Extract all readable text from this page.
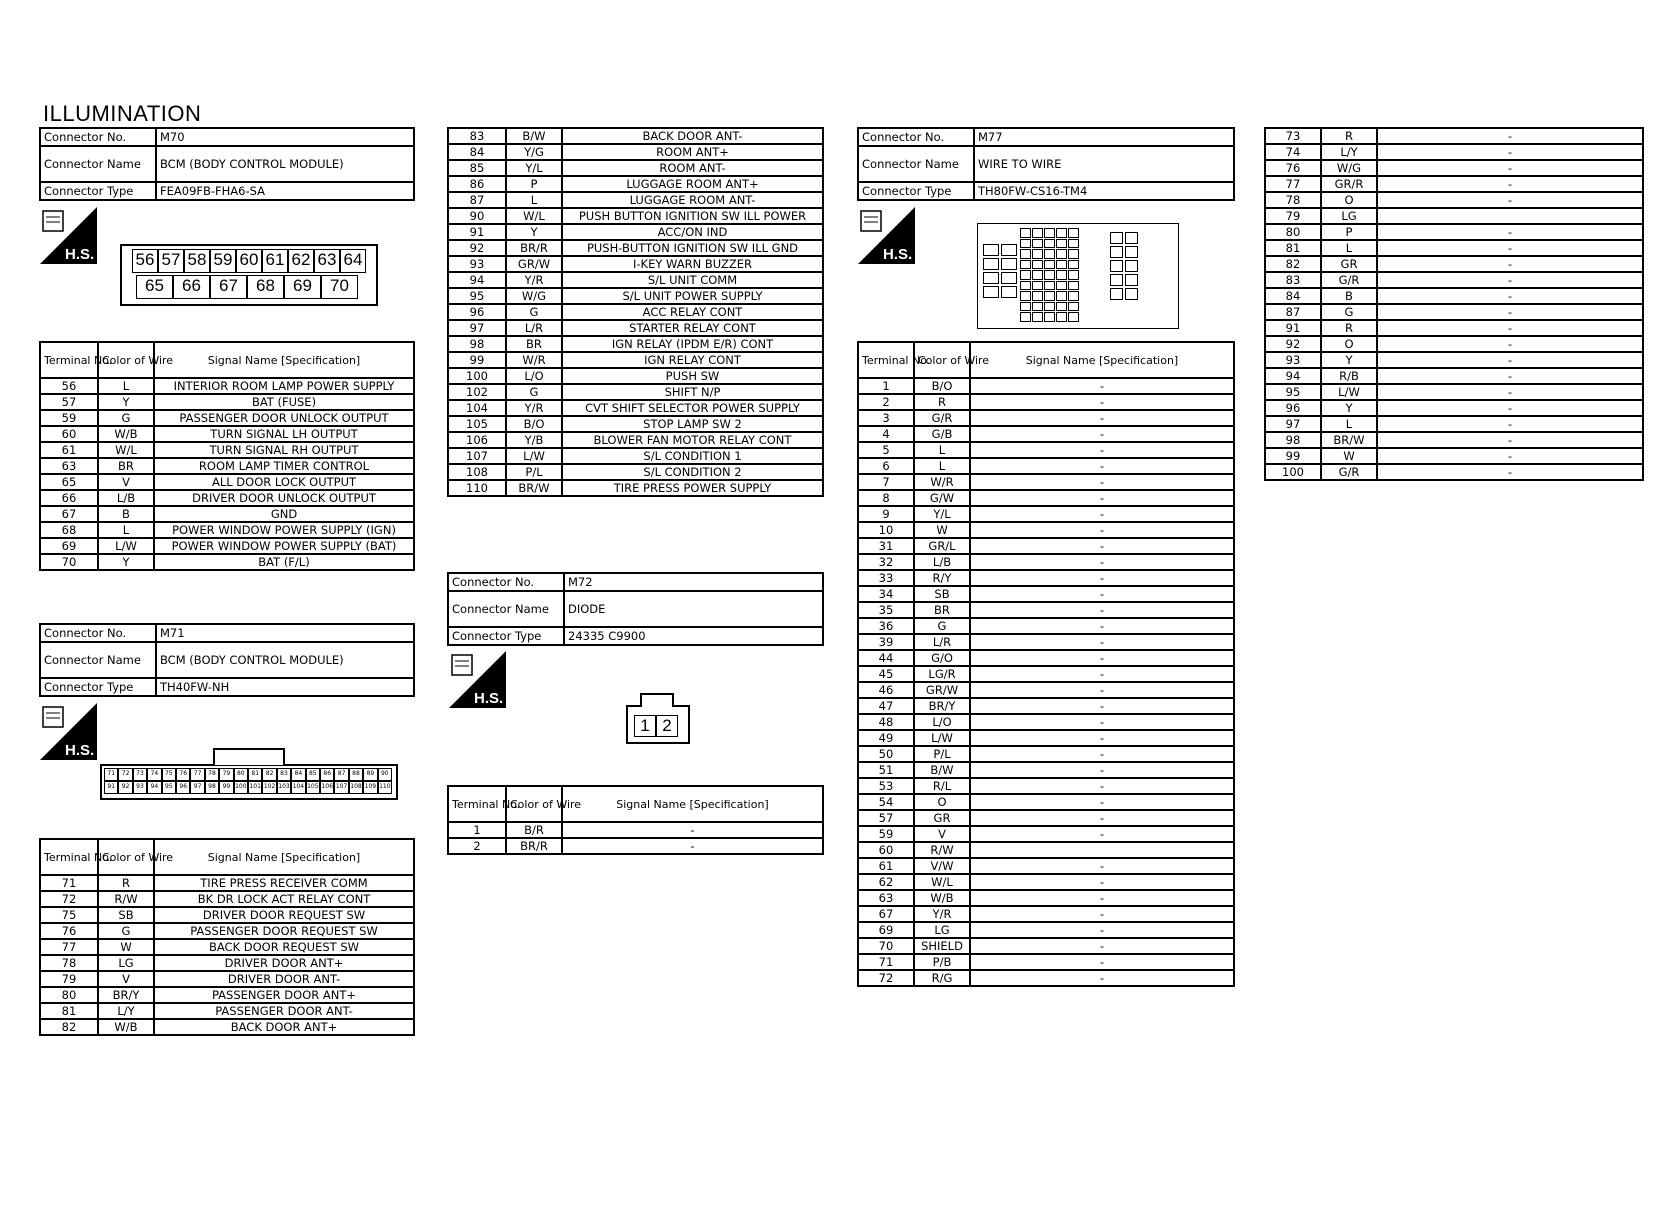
ILLUMINATION
Connector No.	M70
Connector Name	BCM (BODY CONTROL MODULE)
Connector Type	FEA09FB-FHA6-SA
H.S. 56 57 58 59 60 61 62 63 64
65	66	67	68	69	70
Terminal No.	Color of Wire	Signal Name [Specification]
56	L	INTERIOR ROOM LAMP POWER SUPPLY
57	Y	BAT (FUSE)
59	G	PASSENGER DOOR UNLOCK OUTPUT
60	W/B	TURN SIGNAL LH OUTPUT
61	W/L	TURN SIGNAL RH OUTPUT
63	BR	ROOM LAMP TIMER CONTROL
65	V	ALL DOOR LOCK OUTPUT
66	L/B	DRIVER DOOR UNLOCK OUTPUT
67	B	GND
68	L	POWER WINDOW POWER SUPPLY (IGN)
69	L/W	POWER WINDOW POWER SUPPLY (BAT)
70	Y	BAT (F/L)
Connector No.	M71
Connector Name	BCM (BODY CONTROL MODULE)
Connector Type	TH40FW-NH
H.S.
71	72	73	74	75	76	77	78	79	80	81	82	83	84	85	86	87	88	89	90
91	92	93	94	95	96	97	98	99 100 101 102 103 104 105 106 107 108 109 110
Terminal No.	Color of Wire	Signal Name [Specification]
71	R	TIRE PRESS RECEIVER COMM
72	R/W	BK DR LOCK ACT RELAY CONT
75	SB	DRIVER DOOR REQUEST SW
76	G	PASSENGER DOOR REQUEST SW
77	W	BACK DOOR REQUEST SW
78	LG	DRIVER DOOR ANT+
79	V	DRIVER DOOR ANT-
80	BR/Y	PASSENGER DOOR ANT+
81	L/Y	PASSENGER DOOR ANT-
82	W/B	BACK DOOR ANT+
83	B/W	BACK DOOR ANT-
84	Y/G	ROOM ANT+
85	Y/L	ROOM ANT-
86	P	LUGGAGE ROOM ANT+
87	L	LUGGAGE ROOM ANT-
90	W/L	PUSH BUTTON IGNITION SW ILL POWER
91	Y	ACC/ON IND
92	BR/R	PUSH-BUTTON IGNITION SW ILL GND
93	GR/W	I-KEY WARN BUZZER
94	Y/R	S/L UNIT COMM
95	W/G	S/L UNIT POWER SUPPLY
96	G	ACC RELAY CONT
97	L/R	STARTER RELAY CONT
98	BR	IGN RELAY (IPDM E/R) CONT
99	W/R	IGN RELAY CONT
100	L/O	PUSH SW
102	G	SHIFT N/P
104	Y/R	CVT SHIFT SELECTOR POWER SUPPLY
105	B/O	STOP LAMP SW 2
106	Y/B	BLOWER FAN MOTOR RELAY CONT
107	L/W	S/L CONDITION 1
108	P/L	S/L CONDITION 2
110	BR/W	TIRE PRESS POWER SUPPLY
Connector No.	M72
Connector Name	DIODE
Connector Type	24335 C9900
H.S.
1 2
Terminal No.	Color of Wire	Signal Name [Specification]
1	B/R	-
2	BR/R	-
Connector No.	M77
Connector Name	WIRE TO WIRE
Connector Type	TH80FW-CS16-TM4
H.S.
Terminal No.	Color of Wire	Signal Name [Specification]
1	B/O	-
2	R	-
3	G/R	-
4	G/B	-
5	L	-
6	L	-
7	W/R	-
8	G/W	-
9	Y/L	-
10	W	-
31	GR/L	-
32	L/B	-
33	R/Y	-
34	SB	-
35	BR	-
36	G	-
39	L/R	-
44	G/O	-
45	LG/R	-
46	GR/W	-
47	BR/Y	-
48	L/O	-
49	L/W	-
50	P/L	-
51	B/W	-
53	R/L	-
54	O	-
57	GR	-
59	V	-
60	R/W	
61	V/W	-
62	W/L	-
63	W/B	-
67	Y/R	-
69	LG	-
70	SHIELD	-
71	P/B	-
72	R/G	-
73	R	-
74	L/Y	-
76	W/G	-
77	GR/R	-
78	O	-
79	LG	
80	P	-
81	L	-
82	GR	-
83	G/R	-
84	B	-
87	G	-
91	R	-
92	O	-
93	Y	-
94	R/B	-
95	L/W	-
96	Y	-
97	L	-
98	BR/W	-
99	W	-
100	G/R	-
